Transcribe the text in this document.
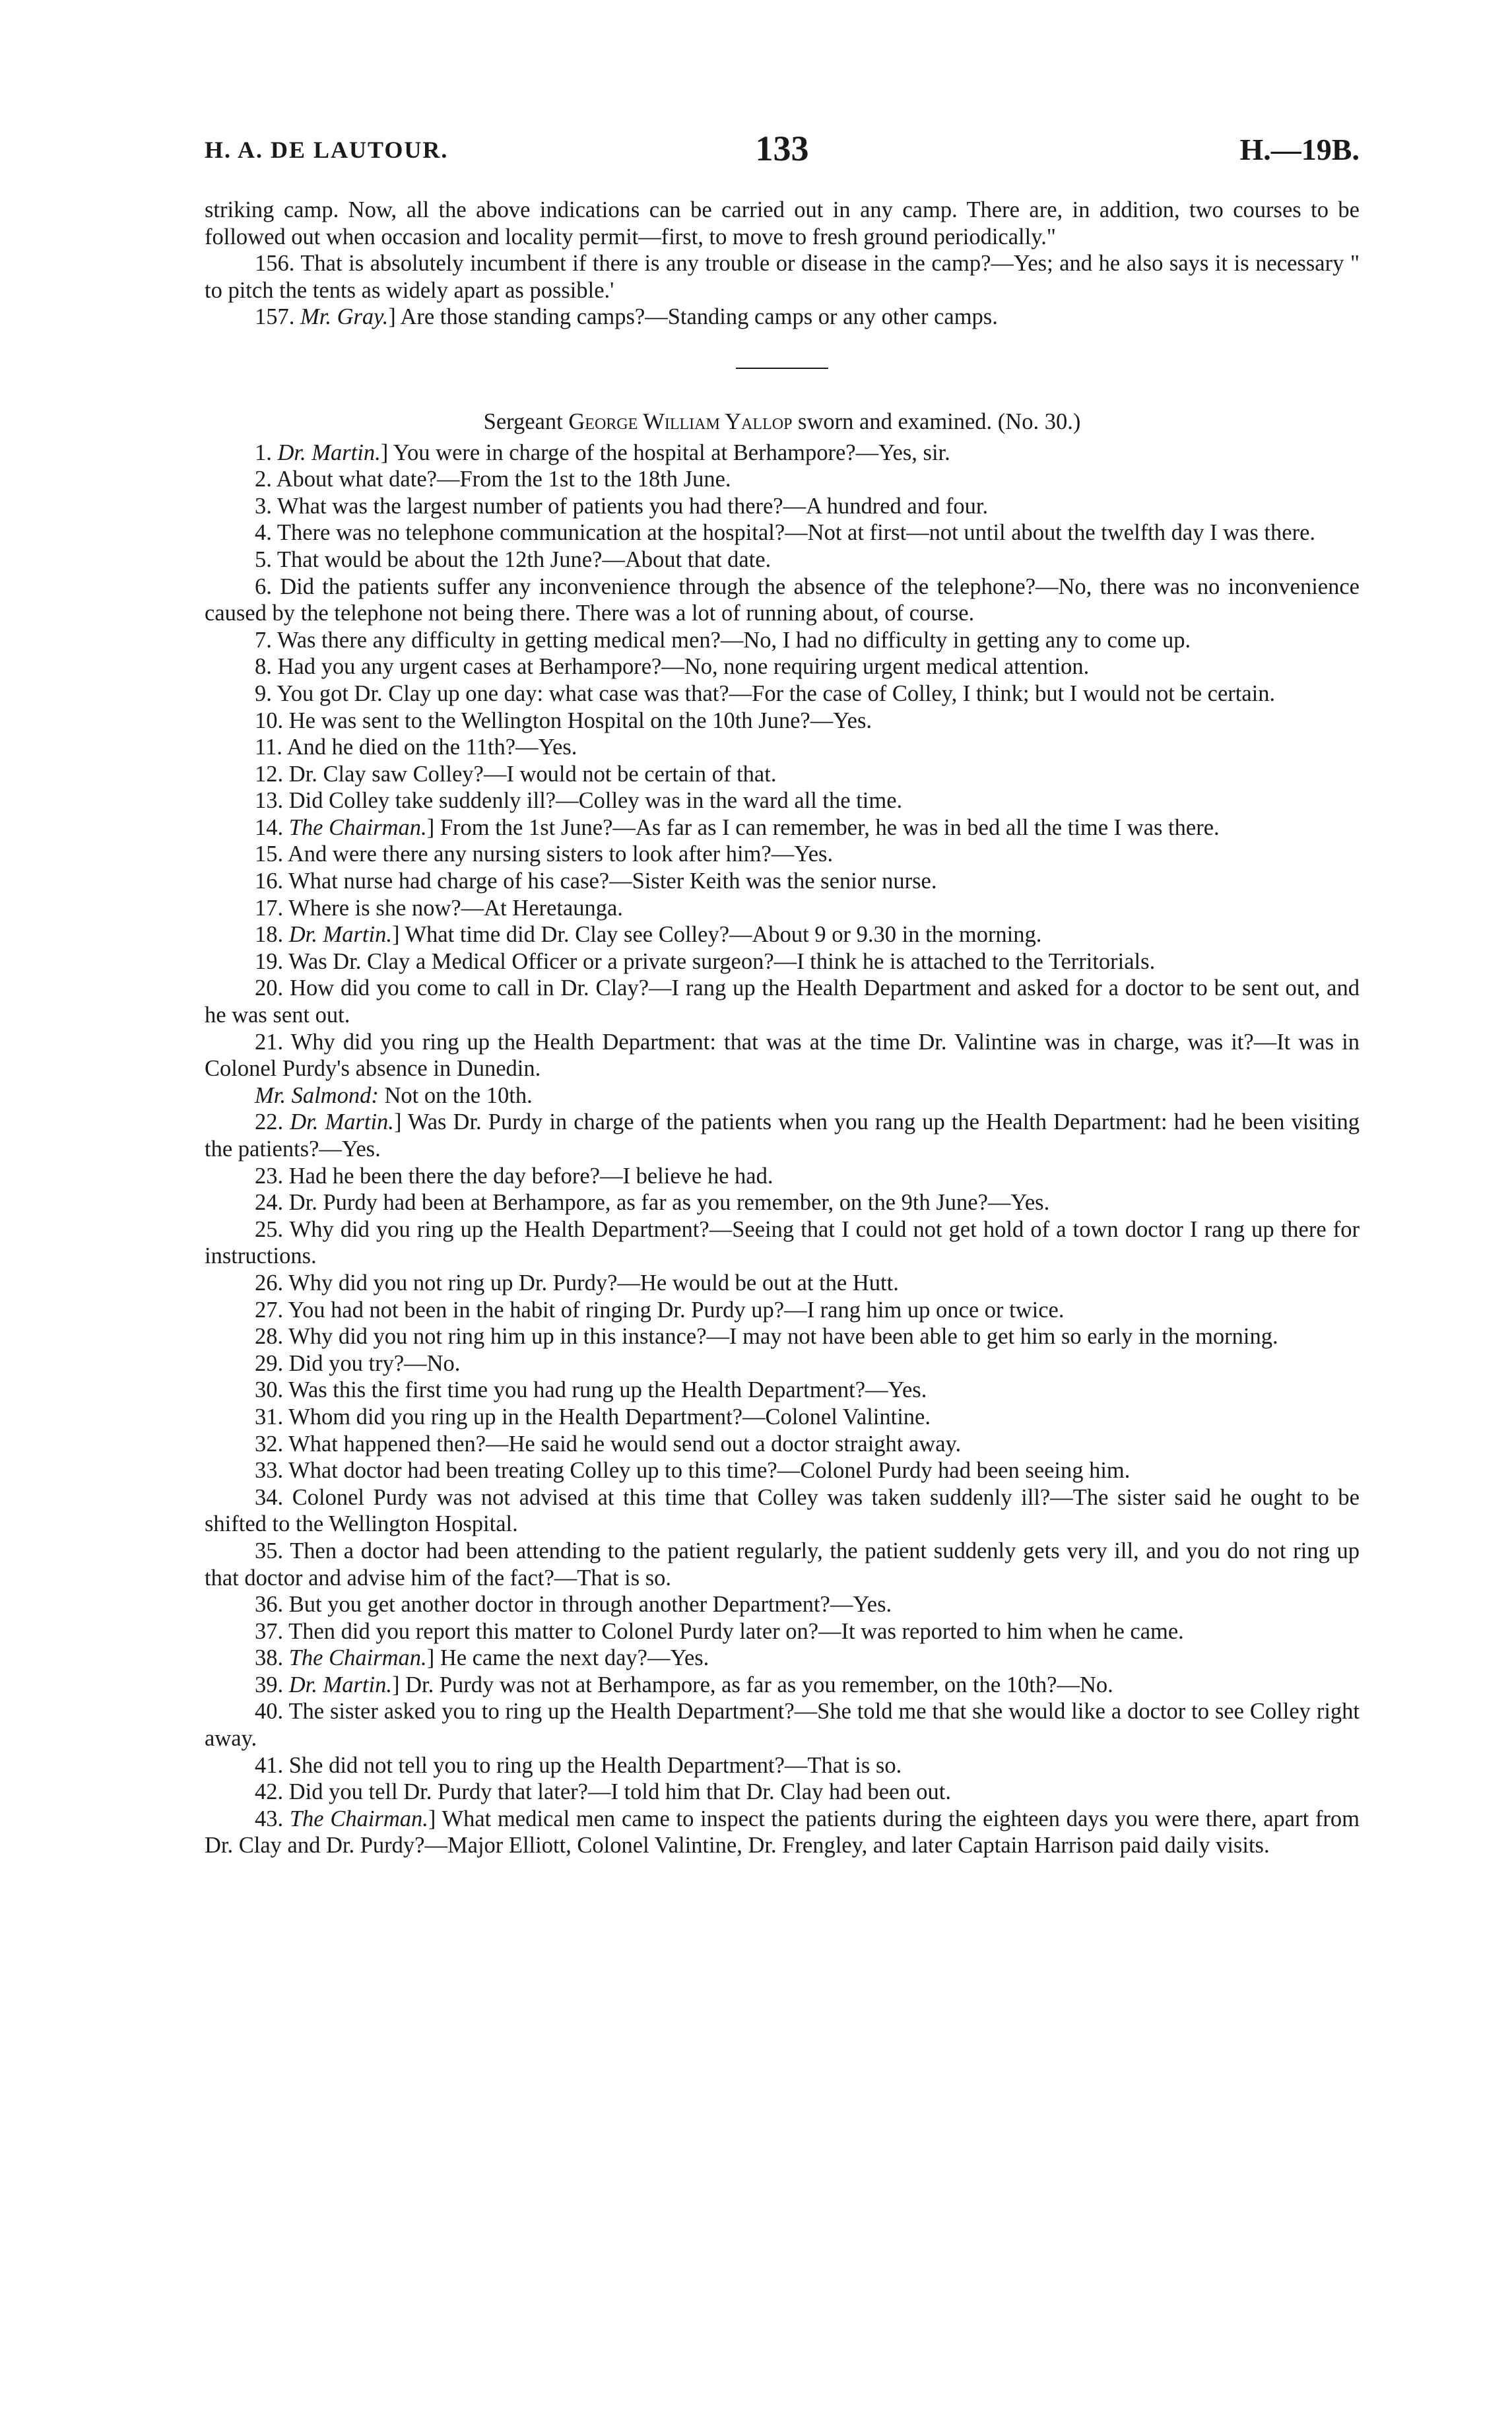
H. A. DE LAUTOUR.	133	H.—19B.

striking camp. Now, all the above indications can be carried out in any camp. There are, in addition, two courses to be followed out when occasion and locality permit—first, to move to fresh ground periodically."

156. That is absolutely incumbent if there is any trouble or disease in the camp?—Yes; and he also says it is necessary " to pitch the tents as widely apart as possible.'

157. Mr. Gray.] Are those standing camps?—Standing camps or any other camps.

Sergeant George William Yallop sworn and examined. (No. 30.)

1. Dr. Martin.] You were in charge of the hospital at Berhampore?—Yes, sir.

2. About what date?—From the 1st to the 18th June.

3. What was the largest number of patients you had there?—A hundred and four.

4. There was no telephone communication at the hospital?—Not at first—not until about the twelfth day I was there.

5. That would be about the 12th June?—About that date.

6. Did the patients suffer any inconvenience through the absence of the telephone?—No, there was no inconvenience caused by the telephone not being there. There was a lot of running about, of course.

7. Was there any difficulty in getting medical men?—No, I had no difficulty in getting any to come up.

8. Had you any urgent cases at Berhampore?—No, none requiring urgent medical attention.

9. You got Dr. Clay up one day: what case was that?—For the case of Colley, I think; but I would not be certain.

10. He was sent to the Wellington Hospital on the 10th June?—Yes.

11. And he died on the 11th?—Yes.

12. Dr. Clay saw Colley?—I would not be certain of that.

13. Did Colley take suddenly ill?—Colley was in the ward all the time.

14. The Chairman.] From the 1st June?—As far as I can remember, he was in bed all the time I was there.

15. And were there any nursing sisters to look after him?—Yes.

16. What nurse had charge of his case?—Sister Keith was the senior nurse.

17. Where is she now?—At Heretaunga.

18. Dr. Martin.] What time did Dr. Clay see Colley?—About 9 or 9.30 in the morning.

19. Was Dr. Clay a Medical Officer or a private surgeon?—I think he is attached to the Territorials.

20. How did you come to call in Dr. Clay?—I rang up the Health Department and asked for a doctor to be sent out, and he was sent out.

21. Why did you ring up the Health Department: that was at the time Dr. Valintine was in charge, was it?—It was in Colonel Purdy's absence in Dunedin.

Mr. Salmond: Not on the 10th.

22. Dr. Martin.] Was Dr. Purdy in charge of the patients when you rang up the Health Department: had he been visiting the patients?—Yes.

23. Had he been there the day before?—I believe he had.

24. Dr. Purdy had been at Berhampore, as far as you remember, on the 9th June?—Yes.

25. Why did you ring up the Health Department?—Seeing that I could not get hold of a town doctor I rang up there for instructions.

26. Why did you not ring up Dr. Purdy?—He would be out at the Hutt.

27. You had not been in the habit of ringing Dr. Purdy up?—I rang him up once or twice.

28. Why did you not ring him up in this instance?—I may not have been able to get him so early in the morning.

29. Did you try?—No.

30. Was this the first time you had rung up the Health Department?—Yes.

31. Whom did you ring up in the Health Department?—Colonel Valintine.

32. What happened then?—He said he would send out a doctor straight away.

33. What doctor had been treating Colley up to this time?—Colonel Purdy had been seeing him.

34. Colonel Purdy was not advised at this time that Colley was taken suddenly ill?—The sister said he ought to be shifted to the Wellington Hospital.

35. Then a doctor had been attending to the patient regularly, the patient suddenly gets very ill, and you do not ring up that doctor and advise him of the fact?—That is so.

36. But you get another doctor in through another Department?—Yes.

37. Then did you report this matter to Colonel Purdy later on?—It was reported to him when he came.

38. The Chairman.] He came the next day?—Yes.

39. Dr. Martin.] Dr. Purdy was not at Berhampore, as far as you remember, on the 10th?—No.

40. The sister asked you to ring up the Health Department?—She told me that she would like a doctor to see Colley right away.

41. She did not tell you to ring up the Health Department?—That is so.

42. Did you tell Dr. Purdy that later?—I told him that Dr. Clay had been out.

43. The Chairman.] What medical men came to inspect the patients during the eighteen days you were there, apart from Dr. Clay and Dr. Purdy?—Major Elliott, Colonel Valintine, Dr. Frengley, and later Captain Harrison paid daily visits.
